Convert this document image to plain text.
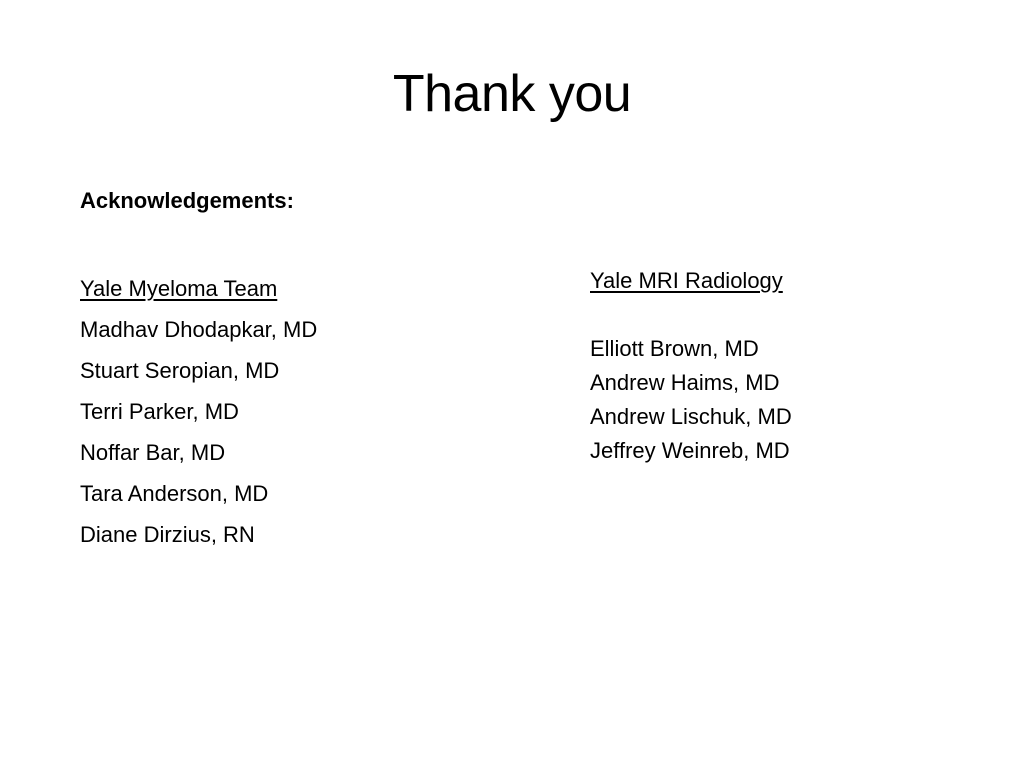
Thank you
Acknowledgements:
Yale Myeloma Team
Madhav Dhodapkar, MD
Stuart Seropian, MD
Terri Parker, MD
Noffar Bar, MD
Tara Anderson, MD
Diane Dirzius, RN
Yale MRI Radiology
Elliott Brown, MD
Andrew Haims, MD
Andrew Lischuk, MD
Jeffrey Weinreb, MD
